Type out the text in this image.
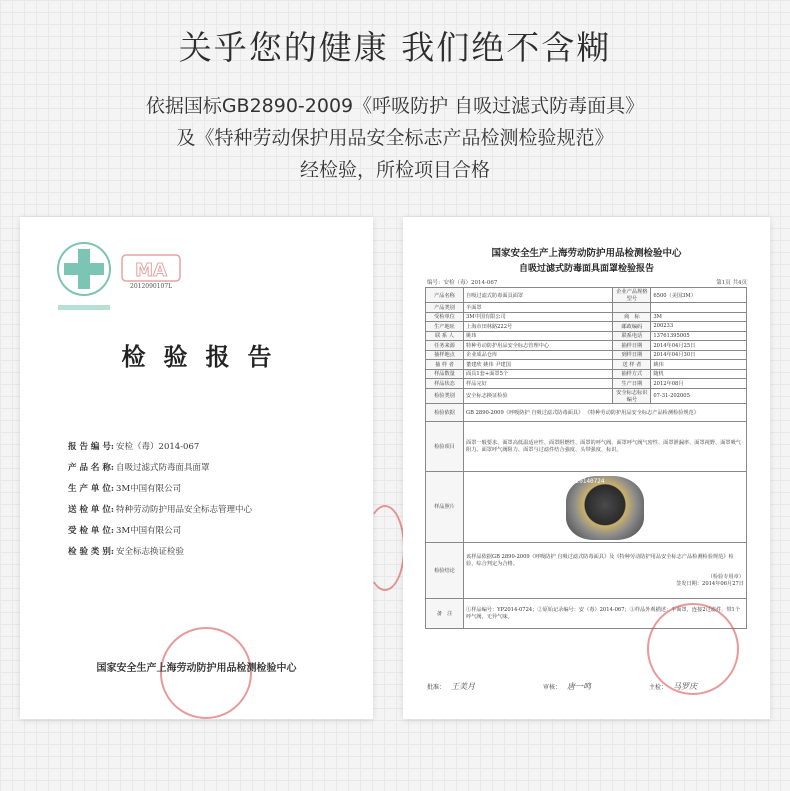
关乎您的健康 我们绝不含糊
依据国标GB2890-2009《呼吸防护 自吸过滤式防毒面具》
及《特种劳动保护用品安全标志产品检测检验规范》
经检验，所检项目合格
MA
2012090107L
检验报告
报 告 编 号: 安检（毒）2014-067
产 品 名 称: 自吸过滤式防毒面具面罩
生 产 单 位: 3M中国有限公司
送 检 单 位: 特种劳动防护用品安全标志管理中心
受 检 单 位: 3M中国有限公司
检 验 类 别: 安全标志换证检验
国家安全生产上海劳动防护用品检测检验中心
国家安全生产上海劳动防护用品检测检验中心
自吸过滤式防毒面具面罩检验报告
编号：安检（毒）2014-067	第1页 共4页
产品名称	自吸过滤式防毒面具面罩	企业产品规格型号	6500（美国3M）
产品类别	半面罩		
受检单位	3M中国有限公司	商　标	3M
生产地址	上海市田林路222号	邮政编码	200233
联 系 人	姚玮	联系电话	13761395005
任务来源	特种劳动防护用品安全标志管理中心	抽样日期	2014年04月25日
抽样地点	企业成品仓库	到样日期	2014年04月30日
抽 样 者	董建欣 姚伟 尹建国	送 样 者	姚伟
样品数量	面具1套+面罩5个	抽样方式	随机
样品状态	样品完好	生产日期	2012年08月
检验类别	安全标志换证检验	安全标志标识编号	07-31-202005
检验依据	GB 2890-2009《呼吸防护 自吸过滤式防毒面具》 《特种劳动防护用品安全标志产品检测检验规范》		
检验项目	面罩一般要求、面罩高低温适应性、面罩阻燃性、面罩的呼气阀、面罩呼气阀气密性、面罩泄漏率、面罩视野、面罩吸气阻力、面罩呼气阀阻力、面罩与过滤件结合强度、头带强度、标识。		
样品照片	P20140724		

检验结论	该样品依据GB 2890-2009《呼吸防护 自吸过滤式防毒面具》及《特种劳动防护用品安全标志产品检测检验规范》检验，综合判定为合格。
（检验专用章）
签发日期：2014年06月27日		

备　注	①样品编号：YP2014-0724；②原始记录编号：安（毒）2014-067；③样品外观描述：半面罩，连接2过滤件，带1个呼气阀，无异气味。		
批准： 王美月	审核： 唐一鸣	主检： 马罗庆
